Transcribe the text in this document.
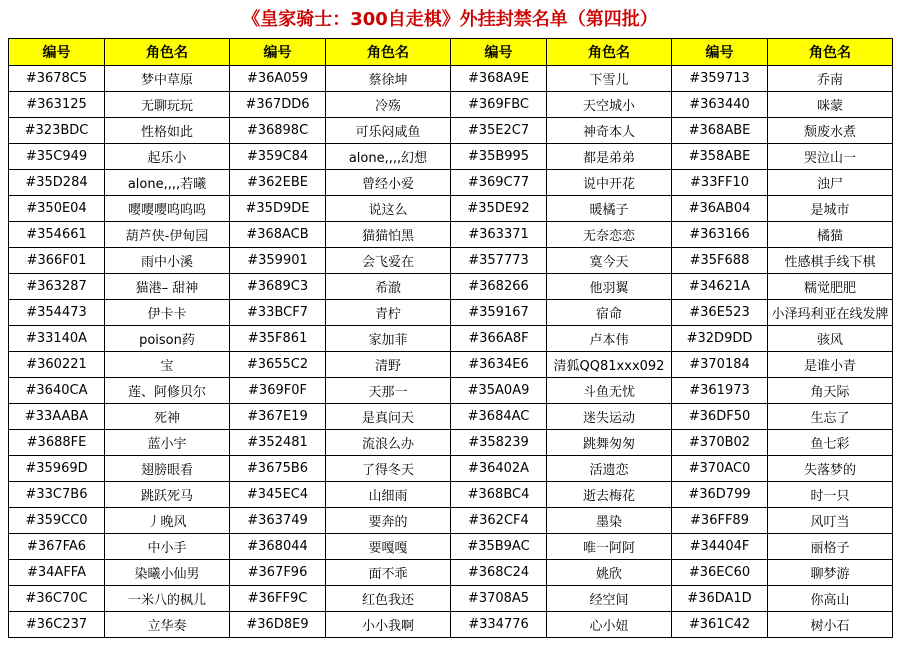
《皇家骑士：300自走棋》外挂封禁名单（第四批）
编号	角色名	编号	角色名	编号	角色名	编号	角色名
#3678C5	梦中草原	#36A059	蔡徐坤	#368A9E	下雪儿	#359713	乔南
#363125	无聊玩玩	#367DD6	冷殇	#369FBC	天空城小	#363440	咪蒙
#323BDC	性格如此	#36898C	可乐闷咸鱼	#35E2C7	神奇本人	#368ABE	颓废水煮
#35C949	起乐小	#359C84	alone,,,,幻想	#35B995	都是弟弟	#358ABE	哭泣山一
#35D284	alone,,,,若曦	#362EBE	曾经小爱	#369C77	说中开花	#33FF10	浊尸
#350E04	嘤嘤嘤呜呜呜	#35D9DE	说这么	#35DE92	暖橘子	#36AB04	是城市
#354661	葫芦侠-伊甸园	#368ACB	猫猫怕黑	#363371	无奈恋恋	#363166	橘猫
#366F01	雨中小溪	#359901	会飞爱在	#357773	寞今天	#35F688	性感棋手线下棋
#363287	猫港– 甜神	#3689C3	希澈	#368266	他羽翼	#34621A	糯觉肥肥
#354473	伊卡卡	#33BCF7	青柠	#359167	宿命	#36E523	小泽玛利亚在线发牌
#33140A	poison药	#35F861	家加菲	#366A8F	卢本伟	#32D9DD	骇风
#360221	宝	#3655C2	清野	#3634E6	清狐QQ81xxx092	#370184	是谁小青
#3640CA	莲、阿修贝尔	#369F0F	天那一	#35A0A9	斗鱼无忧	#361973	角天际
#33AABA	死神	#367E19	是真问天	#3684AC	迷失运动	#36DF50	生忘了
#3688FE	蓝小宇	#352481	流浪么办	#358239	跳舞匆匆	#370B02	鱼七彩
#35969D	翅膀眼看	#3675B6	了得冬天	#36402A	活遗恋	#370AC0	失落梦的
#33C7B6	跳跃死马	#345EC4	山细雨	#368BC4	逝去梅花	#36D799	时一只
#359CC0	丿晚风	#363749	要奔的	#362CF4	墨染	#36FF89	风叮当
#367FA6	中小手	#368044	要嘎嘎	#35B9AC	唯一阿阿	#34404F	丽格子
#34AFFA	染曦小仙男	#367F96	面不乖	#368C24	姚欣	#36EC60	聊梦游
#36C70C	一米八的枫儿	#36FF9C	红色我还	#3708A5	经空间	#36DA1D	你高山
#36C237	立华奏	#36D8E9	小小我啊	#334776	心小妞	#361C42	树小石
